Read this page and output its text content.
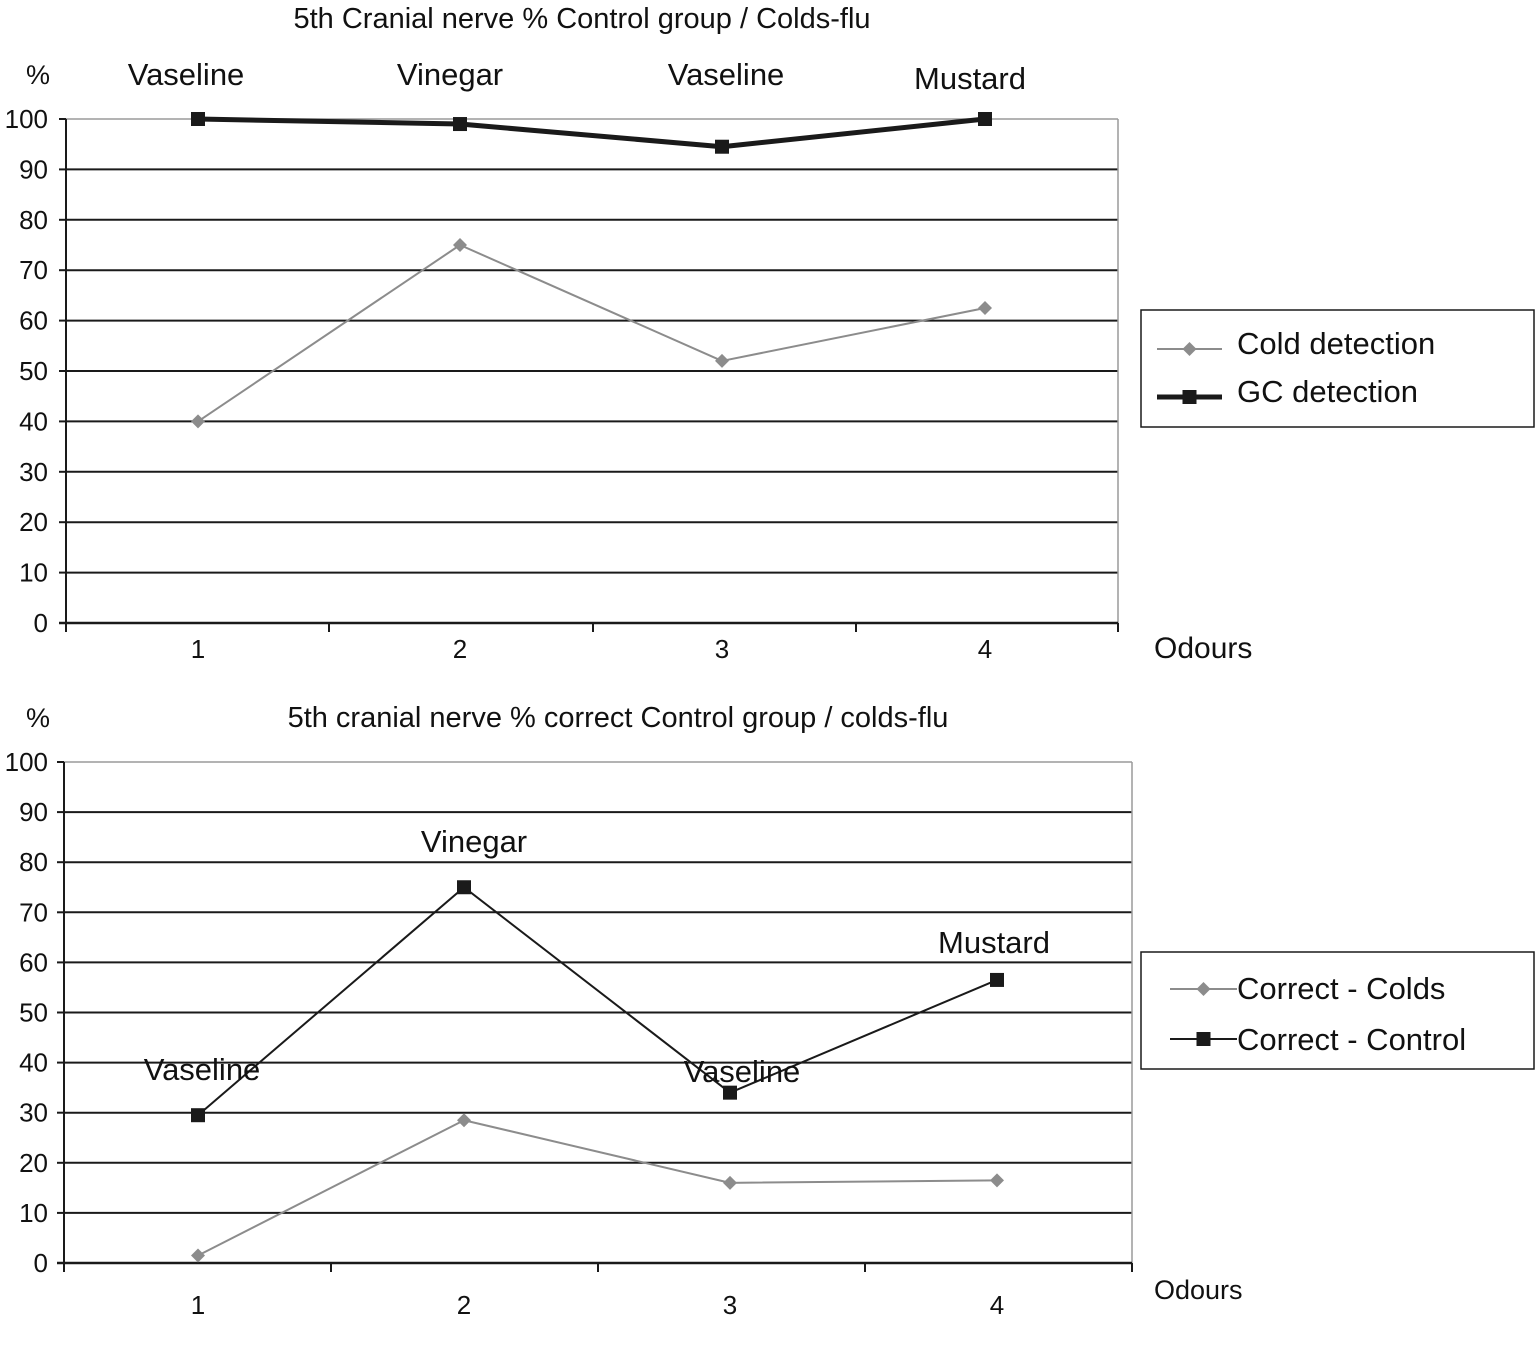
5th Cranial nerve % Control group / Colds-flu
%
Odours
0
10
20
30
40
50
60
70
80
90
100
1	2	3	4
Vaseline	Vinegar	Vaseline	Mustard
Cold detection
GC detection
5th cranial nerve % correct Control group / colds-flu
%
Odours
0
10
20
30
40
50
60
70
80
90
100
1	2	3	4
Vaseline
Vinegar
Vaseline
Mustard
Correct - Colds
Correct - Control
